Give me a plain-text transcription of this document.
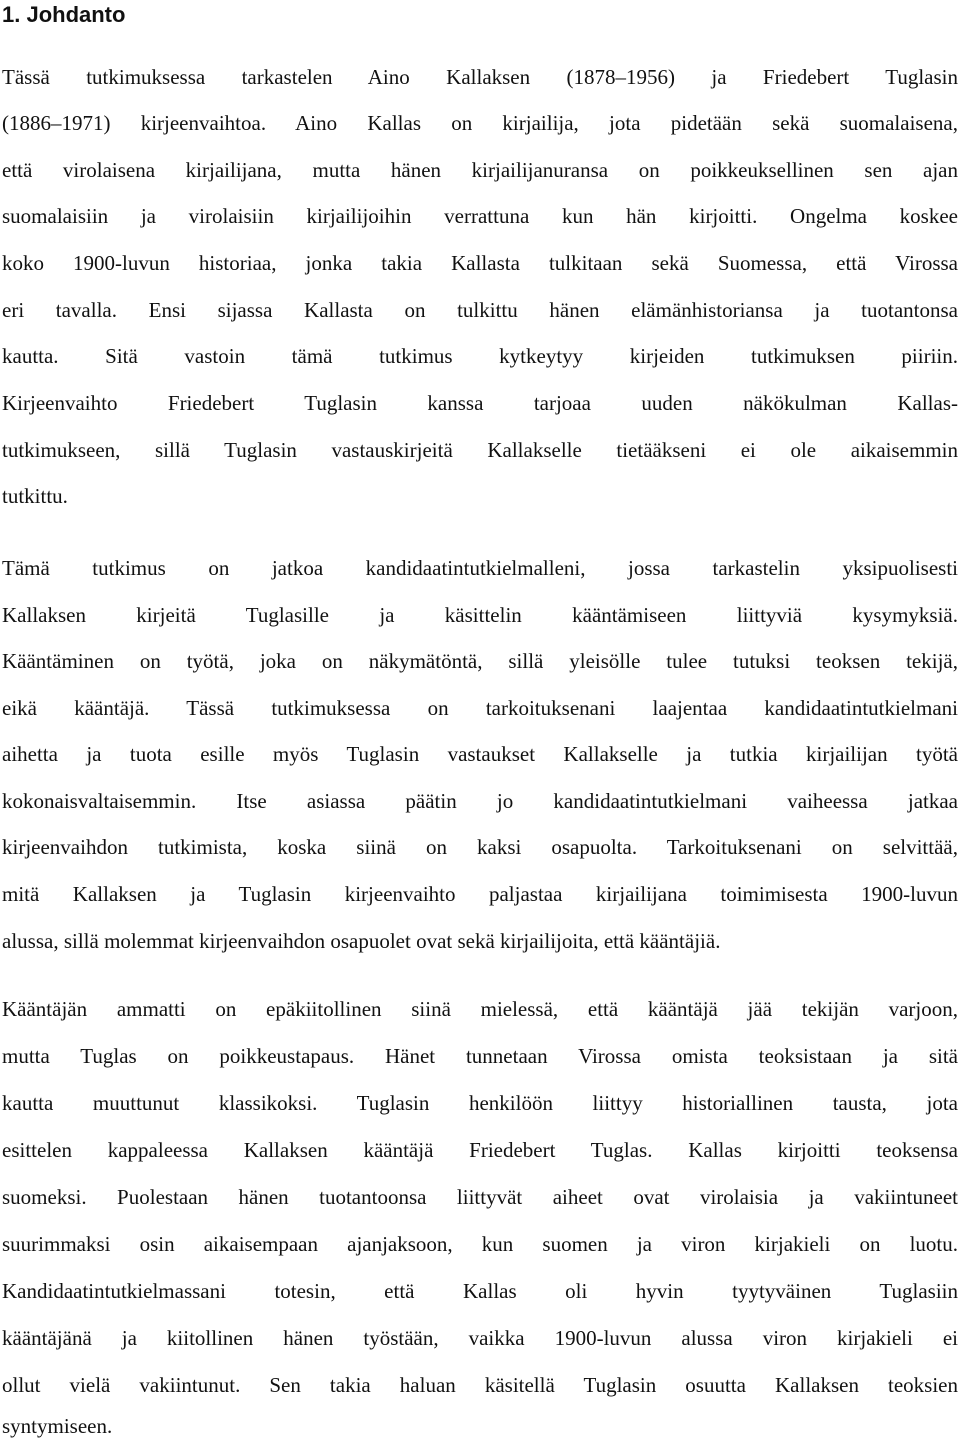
1. Johdanto

Tässä tutkimuksessa tarkastelen Aino Kallaksen (1878–1956) ja Friedebert Tuglasin

(1886–1971) kirjeenvaihtoa. Aino Kallas on kirjailija, jota pidetään sekä suomalaisena,

että virolaisena kirjailijana, mutta hänen kirjailijanuransa on poikkeuksellinen sen ajan

suomalaisiin ja virolaisiin kirjailijoihin verrattuna kun hän kirjoitti. Ongelma koskee

koko 1900-luvun historiaa, jonka takia Kallasta tulkitaan sekä Suomessa, että Virossa

eri tavalla. Ensi sijassa Kallasta on tulkittu hänen elämänhistoriansa ja tuotantonsa

kautta. Sitä vastoin tämä tutkimus kytkeytyy kirjeiden tutkimuksen piiriin.

Kirjeenvaihto Friedebert Tuglasin kanssa tarjoaa uuden näkökulman Kallas-

tutkimukseen, sillä Tuglasin vastauskirjeitä Kallakselle tietääkseni ei ole aikaisemmin

tutkittu.

Tämä tutkimus on jatkoa kandidaatintutkielmalleni, jossa tarkastelin yksipuolisesti

Kallaksen kirjeitä Tuglasille ja käsittelin kääntämiseen liittyviä kysymyksiä.

Kääntäminen on työtä, joka on näkymätöntä, sillä yleisölle tulee tutuksi teoksen tekijä,

eikä kääntäjä. Tässä tutkimuksessa on tarkoituksenani laajentaa kandidaatintutkielmani

aihetta ja tuota esille myös Tuglasin vastaukset Kallakselle ja tutkia kirjailijan työtä

kokonaisvaltaisemmin. Itse asiassa päätin jo kandidaatintutkielmani vaiheessa jatkaa

kirjeenvaihdon tutkimista, koska siinä on kaksi osapuolta. Tarkoituksenani on selvittää,

mitä Kallaksen ja Tuglasin kirjeenvaihto paljastaa kirjailijana toimimisesta 1900-luvun

alussa, sillä molemmat kirjeenvaihdon osapuolet ovat sekä kirjailijoita, että kääntäjiä.

Kääntäjän ammatti on epäkiitollinen siinä mielessä, että kääntäjä jää tekijän varjoon,

mutta Tuglas on poikkeustapaus. Hänet tunnetaan Virossa omista teoksistaan ja sitä

kautta muuttunut klassikoksi. Tuglasin henkilöön liittyy historiallinen tausta, jota

esittelen kappaleessa Kallaksen kääntäjä Friedebert Tuglas. Kallas kirjoitti teoksensa

suomeksi. Puolestaan hänen tuotantoonsa liittyvät aiheet ovat virolaisia ja vakiintuneet

suurimmaksi osin aikaisempaan ajanjaksoon, kun suomen ja viron kirjakieli on luotu.

Kandidaatintutkielmassani totesin, että Kallas oli hyvin tyytyväinen Tuglasiin

kääntäjänä ja kiitollinen hänen työstään, vaikka 1900-luvun alussa viron kirjakieli ei

ollut vielä vakiintunut. Sen takia haluan käsitellä Tuglasin osuutta Kallaksen teoksien

syntymiseen.
